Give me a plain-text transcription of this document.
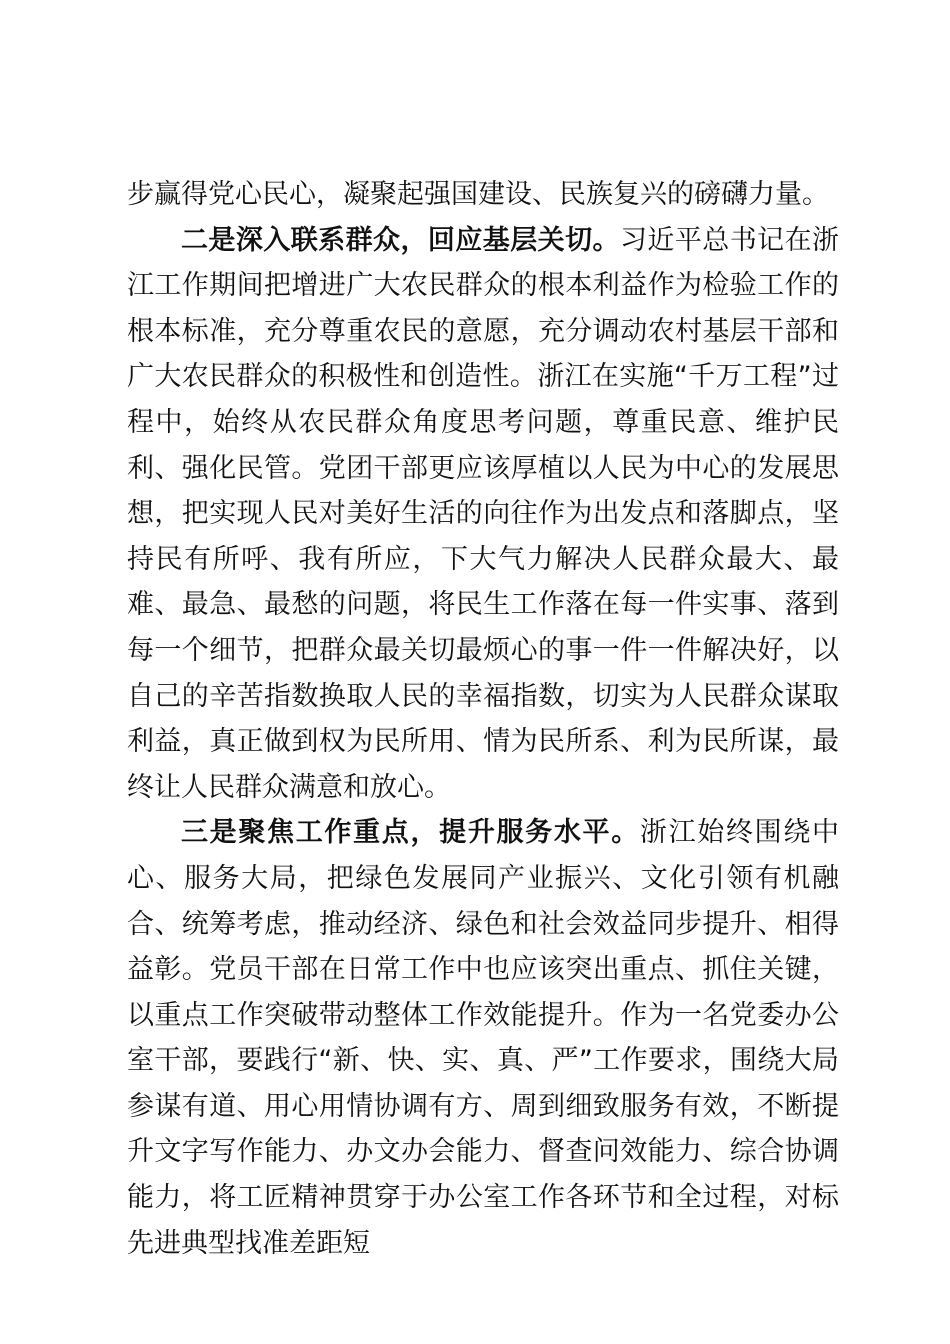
步赢得党心民心，凝聚起强国建设、民族复兴的磅礴力量。

二是深入联系群众，回应基层关切。习近平总书记在浙江工作期间把增进广大农民群众的根本利益作为检验工作的根本标准，充分尊重农民的意愿，充分调动农村基层干部和广大农民群众的积极性和创造性。浙江在实施“千万工程”过程中，始终从农民群众角度思考问题，尊重民意、维护民利、强化民管。党团干部更应该厚植以人民为中心的发展思想，把实现人民对美好生活的向往作为出发点和落脚点，坚持民有所呼、我有所应，下大气力解决人民群众最大、最难、最急、最愁的问题，将民生工作落在每一件实事、落到每一个细节，把群众最关切最烦心的事一件一件解决好，以自己的辛苦指数换取人民的幸福指数，切实为人民群众谋取利益，真正做到权为民所用、情为民所系、利为民所谋，最终让人民群众满意和放心。

三是聚焦工作重点，提升服务水平。浙江始终围绕中心、服务大局，把绿色发展同产业振兴、文化引领有机融合、统筹考虑，推动经济、绿色和社会效益同步提升、相得益彰。党员干部在日常工作中也应该突出重点、抓住关键，以重点工作突破带动整体工作效能提升。作为一名党委办公室干部，要践行“新、快、实、真、严”工作要求，围绕大局参谋有道、用心用情协调有方、周到细致服务有效，不断提升文字写作能力、办文办会能力、督查问效能力、综合协调能力，将工匠精神贯穿于办公室工作各环节和全过程，对标先进典型找准差距短
